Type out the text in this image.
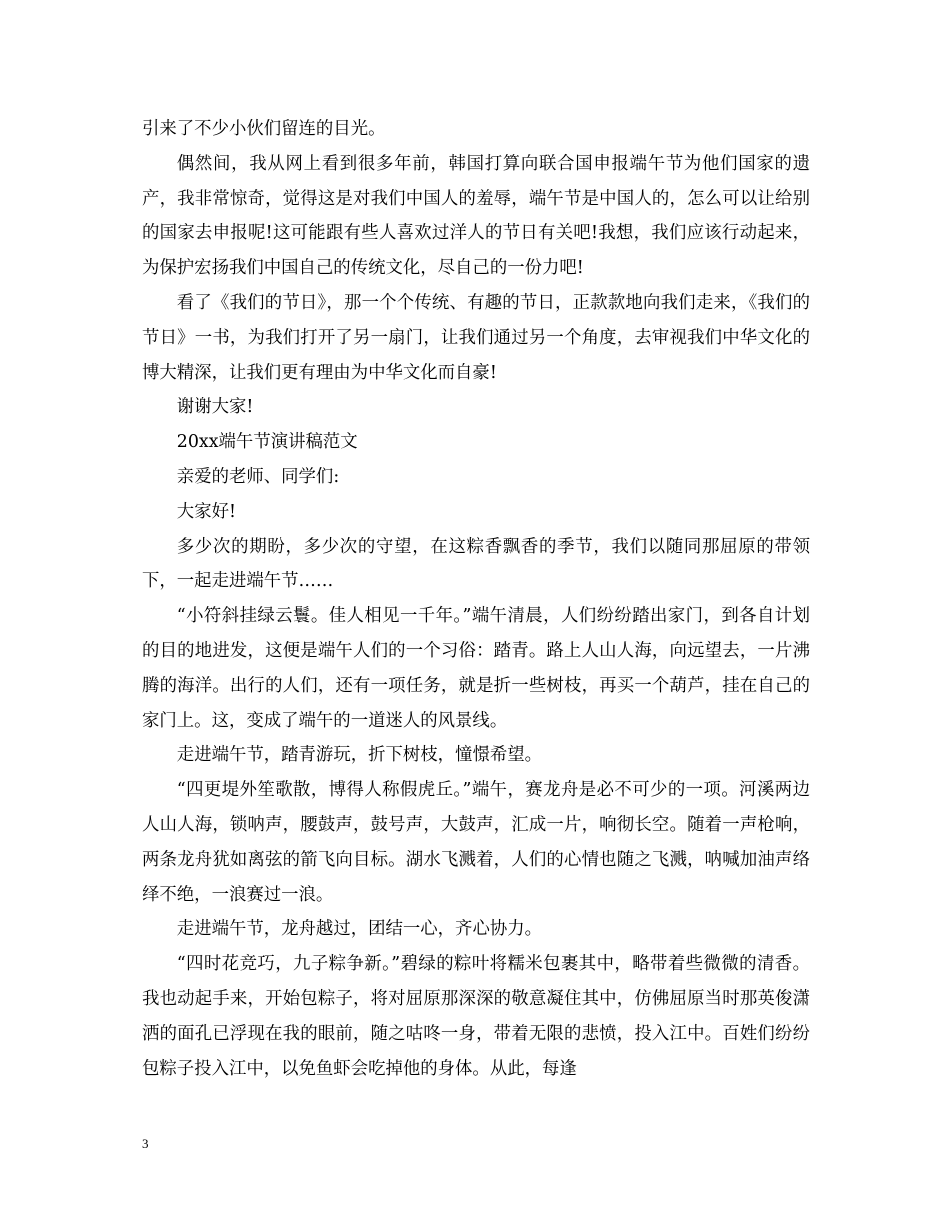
引来了不少小伙们留连的目光。

偶然间，我从网上看到很多年前，韩国打算向联合国申报端午节为他们国家的遗产，我非常惊奇，觉得这是对我们中国人的羞辱，端午节是中国人的，怎么可以让给别的国家去申报呢!这可能跟有些人喜欢过洋人的节日有关吧!我想，我们应该行动起来，为保护宏扬我们中国自己的传统文化，尽自己的一份力吧!

看了《我们的节日》，那一个个传统、有趣的节日，正款款地向我们走来，《我们的节日》一书，为我们打开了另一扇门，让我们通过另一个角度，去审视我们中华文化的博大精深，让我们更有理由为中华文化而自豪!

谢谢大家!

20xx端午节演讲稿范文

亲爱的老师、同学们:

大家好!

多少次的期盼，多少次的守望，在这粽香飘香的季节，我们以随同那屈原的带领下，一起走进端午节……

“小符斜挂绿云鬟。佳人相见一千年。”端午清晨，人们纷纷踏出家门，到各自计划的目的地进发，这便是端午人们的一个习俗：踏青。路上人山人海，向远望去，一片沸腾的海洋。出行的人们，还有一项任务，就是折一些树枝，再买一个葫芦，挂在自己的家门上。这，变成了端午的一道迷人的风景线。

走进端午节，踏青游玩，折下树枝，憧憬希望。

“四更堤外笙歌散，博得人称假虎丘。”端午，赛龙舟是必不可少的一项。河溪两边人山人海，锁呐声，腰鼓声，鼓号声，大鼓声，汇成一片，响彻长空。随着一声枪响，两条龙舟犹如离弦的箭飞向目标。湖水飞溅着，人们的心情也随之飞溅，呐喊加油声络绎不绝，一浪赛过一浪。

走进端午节，龙舟越过，团结一心，齐心协力。

“四时花竞巧，九子粽争新。”碧绿的粽叶将糯米包裹其中，略带着些微微的清香。我也动起手来，开始包粽子，将对屈原那深深的敬意凝住其中，仿佛屈原当时那英俊潇洒的面孔已浮现在我的眼前，随之咕咚一身，带着无限的悲愤，投入江中。百姓们纷纷包粽子投入江中，以免鱼虾会吃掉他的身体。从此，每逢

3
